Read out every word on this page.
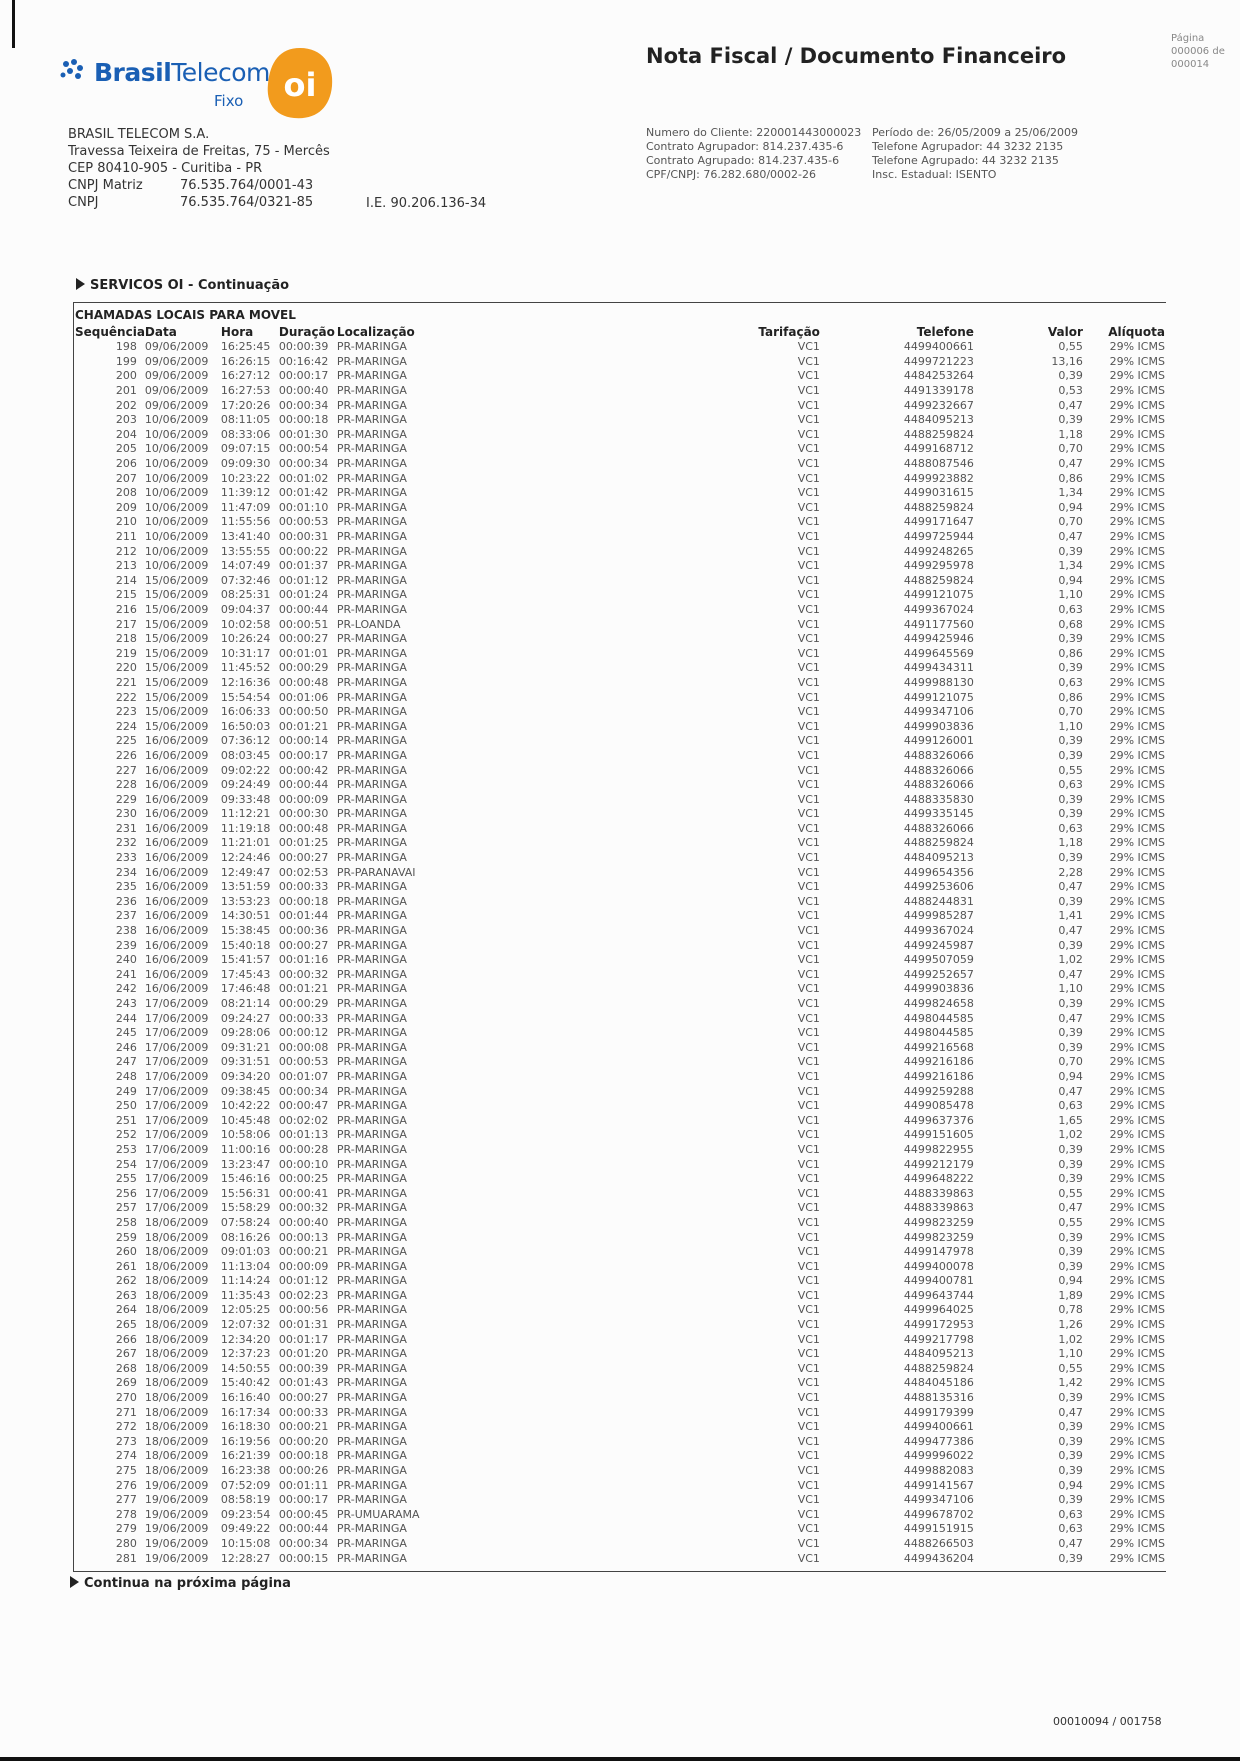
BrasilTelecom
Fixo oi
BRASIL TELECOM S.A.
Travessa Teixeira de Freitas, 75 - Mercês
CEP 80410-905 - Curitiba - PR
CNPJ Matriz	76.535.764/0001-43
CNPJ	76.535.764/0321-85	I.E. 90.206.136-34
Nota Fiscal / Documento Financeiro
Página
000006 de
000014
Numero do Cliente: 220001443000023
Contrato Agrupador: 814.237.435-6
Contrato Agrupado: 814.237.435-6
CPF/CNPJ: 76.282.680/0002-26
Período de: 26/05/2009 a 25/06/2009
Telefone Agrupador: 44 3232 2135
Telefone Agrupado: 44 3232 2135
Insc. Estadual: ISENTO
SERVICOS OI - Continuação
CHAMADAS LOCAIS PARA MOVEL
Sequência	Data	Hora	Duração	Localização	Tarifação	Telefone	Valor	Alíquota
198	09/06/2009	16:25:45	00:00:39	PR-MARINGA	VC1	4499400661	0,55	29% ICMS
199	09/06/2009	16:26:15	00:16:42	PR-MARINGA	VC1	4499721223	13,16	29% ICMS
200	09/06/2009	16:27:12	00:00:17	PR-MARINGA	VC1	4484253264	0,39	29% ICMS
201	09/06/2009	16:27:53	00:00:40	PR-MARINGA	VC1	4491339178	0,53	29% ICMS
202	09/06/2009	17:20:26	00:00:34	PR-MARINGA	VC1	4499232667	0,47	29% ICMS
203	10/06/2009	08:11:05	00:00:18	PR-MARINGA	VC1	4484095213	0,39	29% ICMS
204	10/06/2009	08:33:06	00:01:30	PR-MARINGA	VC1	4488259824	1,18	29% ICMS
205	10/06/2009	09:07:15	00:00:54	PR-MARINGA	VC1	4499168712	0,70	29% ICMS
206	10/06/2009	09:09:30	00:00:34	PR-MARINGA	VC1	4488087546	0,47	29% ICMS
207	10/06/2009	10:23:22	00:01:02	PR-MARINGA	VC1	4499923882	0,86	29% ICMS
208	10/06/2009	11:39:12	00:01:42	PR-MARINGA	VC1	4499031615	1,34	29% ICMS
209	10/06/2009	11:47:09	00:01:10	PR-MARINGA	VC1	4488259824	0,94	29% ICMS
210	10/06/2009	11:55:56	00:00:53	PR-MARINGA	VC1	4499171647	0,70	29% ICMS
211	10/06/2009	13:41:40	00:00:31	PR-MARINGA	VC1	4499725944	0,47	29% ICMS
212	10/06/2009	13:55:55	00:00:22	PR-MARINGA	VC1	4499248265	0,39	29% ICMS
213	10/06/2009	14:07:49	00:01:37	PR-MARINGA	VC1	4499295978	1,34	29% ICMS
214	15/06/2009	07:32:46	00:01:12	PR-MARINGA	VC1	4488259824	0,94	29% ICMS
215	15/06/2009	08:25:31	00:01:24	PR-MARINGA	VC1	4499121075	1,10	29% ICMS
216	15/06/2009	09:04:37	00:00:44	PR-MARINGA	VC1	4499367024	0,63	29% ICMS
217	15/06/2009	10:02:58	00:00:51	PR-LOANDA	VC1	4491177560	0,68	29% ICMS
218	15/06/2009	10:26:24	00:00:27	PR-MARINGA	VC1	4499425946	0,39	29% ICMS
219	15/06/2009	10:31:17	00:01:01	PR-MARINGA	VC1	4499645569	0,86	29% ICMS
220	15/06/2009	11:45:52	00:00:29	PR-MARINGA	VC1	4499434311	0,39	29% ICMS
221	15/06/2009	12:16:36	00:00:48	PR-MARINGA	VC1	4499988130	0,63	29% ICMS
222	15/06/2009	15:54:54	00:01:06	PR-MARINGA	VC1	4499121075	0,86	29% ICMS
223	15/06/2009	16:06:33	00:00:50	PR-MARINGA	VC1	4499347106	0,70	29% ICMS
224	15/06/2009	16:50:03	00:01:21	PR-MARINGA	VC1	4499903836	1,10	29% ICMS
225	16/06/2009	07:36:12	00:00:14	PR-MARINGA	VC1	4499126001	0,39	29% ICMS
226	16/06/2009	08:03:45	00:00:17	PR-MARINGA	VC1	4488326066	0,39	29% ICMS
227	16/06/2009	09:02:22	00:00:42	PR-MARINGA	VC1	4488326066	0,55	29% ICMS
228	16/06/2009	09:24:49	00:00:44	PR-MARINGA	VC1	4488326066	0,63	29% ICMS
229	16/06/2009	09:33:48	00:00:09	PR-MARINGA	VC1	4488335830	0,39	29% ICMS
230	16/06/2009	11:12:21	00:00:30	PR-MARINGA	VC1	4499335145	0,39	29% ICMS
231	16/06/2009	11:19:18	00:00:48	PR-MARINGA	VC1	4488326066	0,63	29% ICMS
232	16/06/2009	11:21:01	00:01:25	PR-MARINGA	VC1	4488259824	1,18	29% ICMS
233	16/06/2009	12:24:46	00:00:27	PR-MARINGA	VC1	4484095213	0,39	29% ICMS
234	16/06/2009	12:49:47	00:02:53	PR-PARANAVAI	VC1	4499654356	2,28	29% ICMS
235	16/06/2009	13:51:59	00:00:33	PR-MARINGA	VC1	4499253606	0,47	29% ICMS
236	16/06/2009	13:53:23	00:00:18	PR-MARINGA	VC1	4488244831	0,39	29% ICMS
237	16/06/2009	14:30:51	00:01:44	PR-MARINGA	VC1	4499985287	1,41	29% ICMS
238	16/06/2009	15:38:45	00:00:36	PR-MARINGA	VC1	4499367024	0,47	29% ICMS
239	16/06/2009	15:40:18	00:00:27	PR-MARINGA	VC1	4499245987	0,39	29% ICMS
240	16/06/2009	15:41:57	00:01:16	PR-MARINGA	VC1	4499507059	1,02	29% ICMS
241	16/06/2009	17:45:43	00:00:32	PR-MARINGA	VC1	4499252657	0,47	29% ICMS
242	16/06/2009	17:46:48	00:01:21	PR-MARINGA	VC1	4499903836	1,10	29% ICMS
243	17/06/2009	08:21:14	00:00:29	PR-MARINGA	VC1	4499824658	0,39	29% ICMS
244	17/06/2009	09:24:27	00:00:33	PR-MARINGA	VC1	4498044585	0,47	29% ICMS
245	17/06/2009	09:28:06	00:00:12	PR-MARINGA	VC1	4498044585	0,39	29% ICMS
246	17/06/2009	09:31:21	00:00:08	PR-MARINGA	VC1	4499216568	0,39	29% ICMS
247	17/06/2009	09:31:51	00:00:53	PR-MARINGA	VC1	4499216186	0,70	29% ICMS
248	17/06/2009	09:34:20	00:01:07	PR-MARINGA	VC1	4499216186	0,94	29% ICMS
249	17/06/2009	09:38:45	00:00:34	PR-MARINGA	VC1	4499259288	0,47	29% ICMS
250	17/06/2009	10:42:22	00:00:47	PR-MARINGA	VC1	4499085478	0,63	29% ICMS
251	17/06/2009	10:45:48	00:02:02	PR-MARINGA	VC1	4499637376	1,65	29% ICMS
252	17/06/2009	10:58:06	00:01:13	PR-MARINGA	VC1	4499151605	1,02	29% ICMS
253	17/06/2009	11:00:16	00:00:28	PR-MARINGA	VC1	4499822955	0,39	29% ICMS
254	17/06/2009	13:23:47	00:00:10	PR-MARINGA	VC1	4499212179	0,39	29% ICMS
255	17/06/2009	15:46:16	00:00:25	PR-MARINGA	VC1	4499648222	0,39	29% ICMS
256	17/06/2009	15:56:31	00:00:41	PR-MARINGA	VC1	4488339863	0,55	29% ICMS
257	17/06/2009	15:58:29	00:00:32	PR-MARINGA	VC1	4488339863	0,47	29% ICMS
258	18/06/2009	07:58:24	00:00:40	PR-MARINGA	VC1	4499823259	0,55	29% ICMS
259	18/06/2009	08:16:26	00:00:13	PR-MARINGA	VC1	4499823259	0,39	29% ICMS
260	18/06/2009	09:01:03	00:00:21	PR-MARINGA	VC1	4499147978	0,39	29% ICMS
261	18/06/2009	11:13:04	00:00:09	PR-MARINGA	VC1	4499400078	0,39	29% ICMS
262	18/06/2009	11:14:24	00:01:12	PR-MARINGA	VC1	4499400781	0,94	29% ICMS
263	18/06/2009	11:35:43	00:02:23	PR-MARINGA	VC1	4499643744	1,89	29% ICMS
264	18/06/2009	12:05:25	00:00:56	PR-MARINGA	VC1	4499964025	0,78	29% ICMS
265	18/06/2009	12:07:32	00:01:31	PR-MARINGA	VC1	4499172953	1,26	29% ICMS
266	18/06/2009	12:34:20	00:01:17	PR-MARINGA	VC1	4499217798	1,02	29% ICMS
267	18/06/2009	12:37:23	00:01:20	PR-MARINGA	VC1	4484095213	1,10	29% ICMS
268	18/06/2009	14:50:55	00:00:39	PR-MARINGA	VC1	4488259824	0,55	29% ICMS
269	18/06/2009	15:40:42	00:01:43	PR-MARINGA	VC1	4484045186	1,42	29% ICMS
270	18/06/2009	16:16:40	00:00:27	PR-MARINGA	VC1	4488135316	0,39	29% ICMS
271	18/06/2009	16:17:34	00:00:33	PR-MARINGA	VC1	4499179399	0,47	29% ICMS
272	18/06/2009	16:18:30	00:00:21	PR-MARINGA	VC1	4499400661	0,39	29% ICMS
273	18/06/2009	16:19:56	00:00:20	PR-MARINGA	VC1	4499477386	0,39	29% ICMS
274	18/06/2009	16:21:39	00:00:18	PR-MARINGA	VC1	4499996022	0,39	29% ICMS
275	18/06/2009	16:23:38	00:00:26	PR-MARINGA	VC1	4499882083	0,39	29% ICMS
276	19/06/2009	07:52:09	00:01:11	PR-MARINGA	VC1	4499141567	0,94	29% ICMS
277	19/06/2009	08:58:19	00:00:17	PR-MARINGA	VC1	4499347106	0,39	29% ICMS
278	19/06/2009	09:23:54	00:00:45	PR-UMUARAMA	VC1	4499678702	0,63	29% ICMS
279	19/06/2009	09:49:22	00:00:44	PR-MARINGA	VC1	4499151915	0,63	29% ICMS
280	19/06/2009	10:15:08	00:00:34	PR-MARINGA	VC1	4488266503	0,47	29% ICMS
281	19/06/2009	12:28:27	00:00:15	PR-MARINGA	VC1	4499436204	0,39	29% ICMS
Continua na próxima página
00010094 / 001758
